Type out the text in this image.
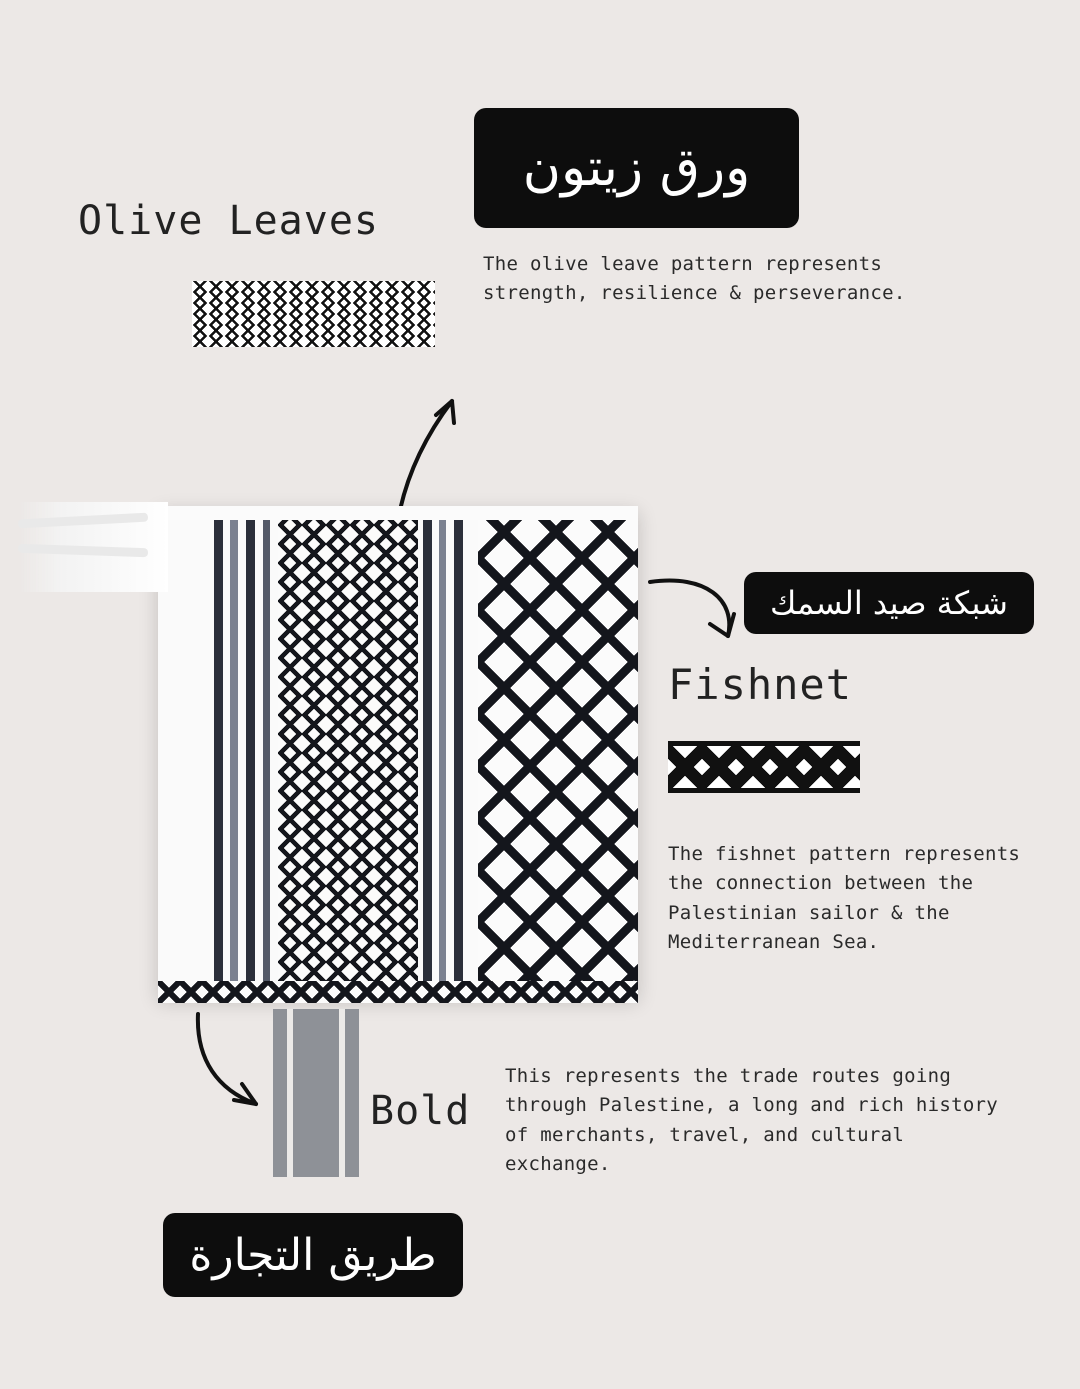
Olive Leaves
ورق زيتون
The olive leave pattern represents strength, resilience & perseverance.
شبكة صيد السمك
Fishnet
The fishnet pattern represents the connection between the Palestinian sailor & the Mediterranean Sea.
Bold
This represents the trade routes going through Palestine, a long and rich history of merchants, travel, and cultural exchange.
طريق التجارة
